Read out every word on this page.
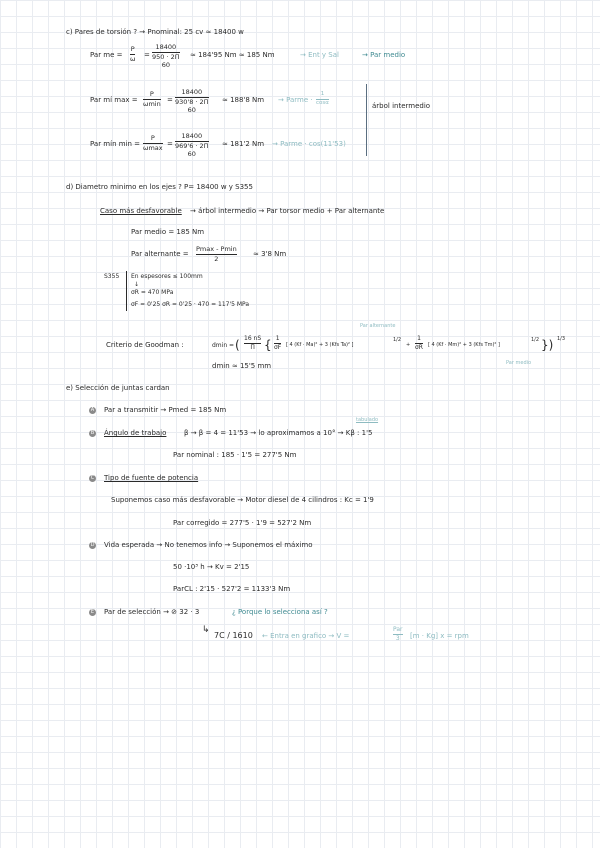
c) Pares de torsión ? → Pnominal: 25 cv ≈ 18400 w
Par me =
P
ω =
18400
950 · 2Π
60
≈ 184'95 Nm ≈ 185 Nm	→ Ent y Sal	→ Par medio
Par mí max =
P
ωmin =
18400
930'8 · 2Π
60
≈ 188'8 Nm → Parme ·
1
cosα	árbol intermedio
Par mín min =
P
ωmax =
18400
969'6 · 2Π
60
≈ 181'2 Nm → Parme · cos(11'53)
d) Diametro minimo en los ejes ? P= 18400 w y S355
Caso más desfavorable → árbol intermedio → Par torsor medio + Par alternante
Par medio = 185 Nm
Par alternante =
Pmax - Pmin
2
≈ 3'8 Nm
S355 En espesores ≤ 100mm
↓
σR = 470 MPa
σF = 0'25 σR = 0'25 · 470 = 117'5 MPa
Par alternante
Criterio de Goodman :	dmin = ( 16 nS
Π { 1
σF [ 4 (Kf · Ma)² + 3 (Kfs Ta)² ]
1/2
+
1
σR [ 4 (Kf · Mm)² + 3 (Kfs Tm)² ]
1/2 }) 1/3
Par medio
dmin ≈ 15'5 mm
e) Selección de juntas cardan
A Par a transmitir → Pmed = 185 Nm
tabulado
B Ángulo de trabajo	β → β = 4 = 11'53 → lo aproximamos a 10° → Kβ : 1'5
Par nominal : 185 · 1'5 = 277'5 Nm
C Tipo de fuente de potencia
Suponemos caso más desfavorable → Motor diesel de 4 cilindros : Kc = 1'9
Par corregido = 277'5 · 1'9 = 527'2 Nm
D Vida esperada → No tenemos info → Suponemos el máximo
50 ·10³ h → Kv = 2'15
ParCL : 2'15 · 527'2 = 1133'3 Nm
E Par de selección → ⊘ 32 · 3	¿ Porque lo selecciona así ?
↳
7C / 1610 ← Entra en grafico → V =
Par
3 [m · Kg] x = rpm
